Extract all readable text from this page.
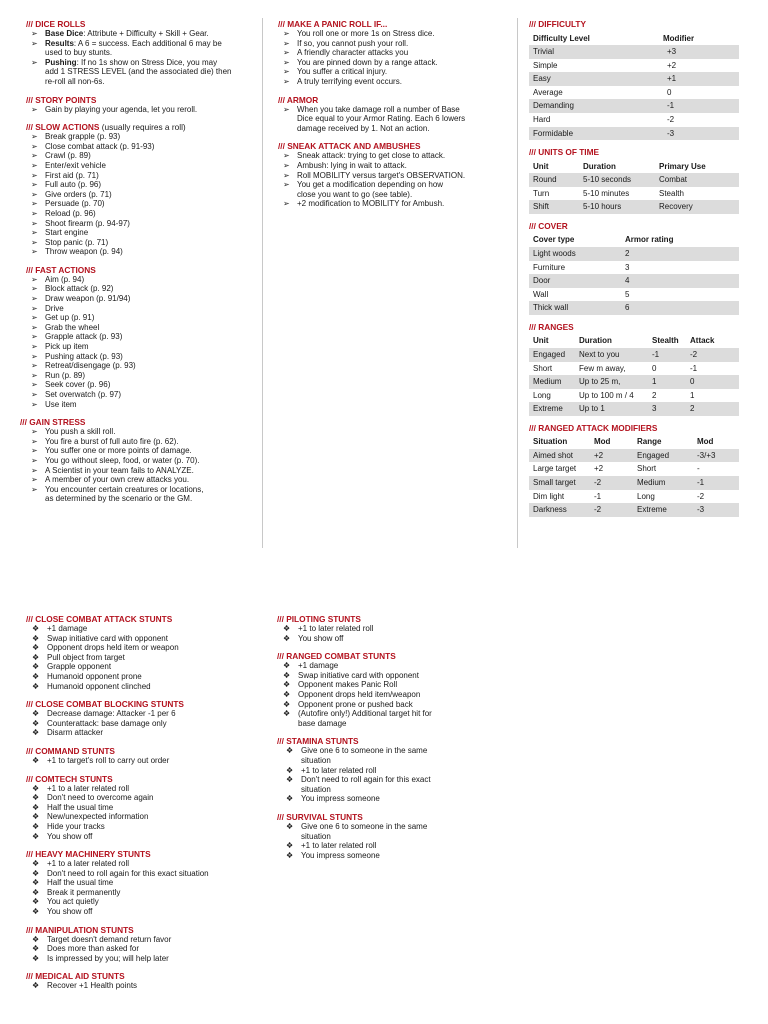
/// DICE ROLLS
➢ Base Dice: Attribute + Difficulty + Skill + Gear.
➢ Results: A 6 = success. Each additional 6 may be
used to buy stunts.
➢ Pushing: If no 1s show on Stress Dice, you may
add 1 STRESS LEVEL (and the associated die) then
re-roll all non-6s.
/// STORY POINTS
➢ Gain by playing your agenda, let you reroll.
/// SLOW ACTIONS (usually requires a roll)
➢ Break grapple (p. 93)
➢ Close combat attack (p. 91-93)
➢ Crawl (p. 89)
➢ Enter/exit vehicle
➢ First aid (p. 71)
➢ Full auto (p. 96)
➢ Give orders (p. 71)
➢ Persuade (p. 70)
➢ Reload (p. 96)
➢ Shoot firearm (p. 94-97)
➢ Start engine
➢ Stop panic (p. 71)
➢ Throw weapon (p. 94)
/// FAST ACTIONS
➢ Aim (p. 94)
➢ Block attack (p. 92)
➢ Draw weapon (p. 91/94)
➢ Drive
➢ Get up (p. 91)
➢ Grab the wheel
➢ Grapple attack (p. 93)
➢ Pick up item
➢ Pushing attack (p. 93)
➢ Retreat/disengage (p. 93)
➢ Run (p. 89)
➢ Seek cover (p. 96)
➢ Set overwatch (p. 97)
➢ Use item
/// GAIN STRESS
➢ You push a skill roll.
➢ You fire a burst of full auto fire (p. 62).
➢ You suffer one or more points of damage.
➢ You go without sleep, food, or water (p. 70).
➢ A Scientist in your team fails to ANALYZE.
➢ A member of your own crew attacks you.
➢ You encounter certain creatures or locations,
as determined by the scenario or the GM.
/// MAKE A PANIC ROLL IF...
➢ You roll one or more 1s on Stress dice.
➢ If so, you cannot push your roll.
➢ A friendly character attacks you
➢ You are pinned down by a range attack.
➢ You suffer a critical injury.
➢ A truly terrifying event occurs.
/// ARMOR
➢ When you take damage roll a number of Base
Dice equal to your Armor Rating. Each 6 lowers
damage received by 1. Not an action.
/// SNEAK ATTACK AND AMBUSHES
➢ Sneak attack: trying to get close to attack.
➢ Ambush: lying in wait to attack.
➢ Roll MOBILITY versus target's OBSERVATION.
➢ You get a modification depending on how
close you want to go (see table).
➢ +2 modification to MOBILITY for Ambush.
/// DIFFICULTY
Difficulty Level	Modifier
Trivial	+3
Simple	+2
Easy	+1
Average	0
Demanding	-1
Hard	-2
Formidable	-3
/// UNITS OF TIME
Unit	Duration	Primary Use
Round	5-10 seconds	Combat
Turn	5-10 minutes	Stealth
Shift	5-10 hours	Recovery
/// COVER
Cover type	Armor rating
Light woods	2
Furniture	3
Door	4
Wall	5
Thick wall	6
/// RANGES
Unit	Duration	Stealth	Attack
Engaged	Next to you	-1	-2
Short	Few m away,	0	-1
Medium	Up to 25 m,	1	0
Long	Up to 100 m / 4	2	1
Extreme	Up to 1	3	2
/// RANGED ATTACK MODIFIERS
Situation	Mod	Range	Mod
Aimed shot	+2	Engaged	-3/+3
Large target	+2	Short	-
Small target	-2	Medium	-1
Dim light	-1	Long	-2
Darkness	-2	Extreme	-3
/// CLOSE COMBAT ATTACK STUNTS
❖ +1 damage
❖ Swap initiative card with opponent
❖ Opponent drops held item or weapon
❖ Pull object from target
❖ Grapple opponent
❖ Humanoid opponent prone
❖ Humanoid opponent clinched
/// CLOSE COMBAT BLOCKING STUNTS
❖ Decrease damage: Attacker -1 per 6
❖ Counterattack: base damage only
❖ Disarm attacker
/// COMMAND STUNTS
❖ +1 to target's roll to carry out order
/// COMTECH STUNTS
❖ +1 to a later related roll
❖ Don't need to overcome again
❖ Half the usual time
❖ New/unexpected information
❖ Hide your tracks
❖ You show off
/// HEAVY MACHINERY STUNTS
❖ +1 to a later related roll
❖ Don't need to roll again for this exact situation
❖ Half the usual time
❖ Break it permanently
❖ You act quietly
❖ You show off
/// MANIPULATION STUNTS
❖ Target doesn't demand return favor
❖ Does more than asked for
❖ Is impressed by you; will help later
/// MEDICAL AID STUNTS
❖ Recover +1 Health points
/// PILOTING STUNTS
❖ +1 to later related roll
❖ You show off
/// RANGED COMBAT STUNTS
❖ +1 damage
❖ Swap initiative card with opponent
❖ Opponent makes Panic Roll
❖ Opponent drops held item/weapon
❖ Opponent prone or pushed back
❖ (Autofire only!) Additional target hit for
base damage
/// STAMINA STUNTS
❖ Give one 6 to someone in the same
situation
❖ +1 to later related roll
❖ Don't need to roll again for this exact
situation
❖ You impress someone
/// SURVIVAL STUNTS
❖ Give one 6 to someone in the same
situation
❖ +1 to later related roll
❖ You impress someone
